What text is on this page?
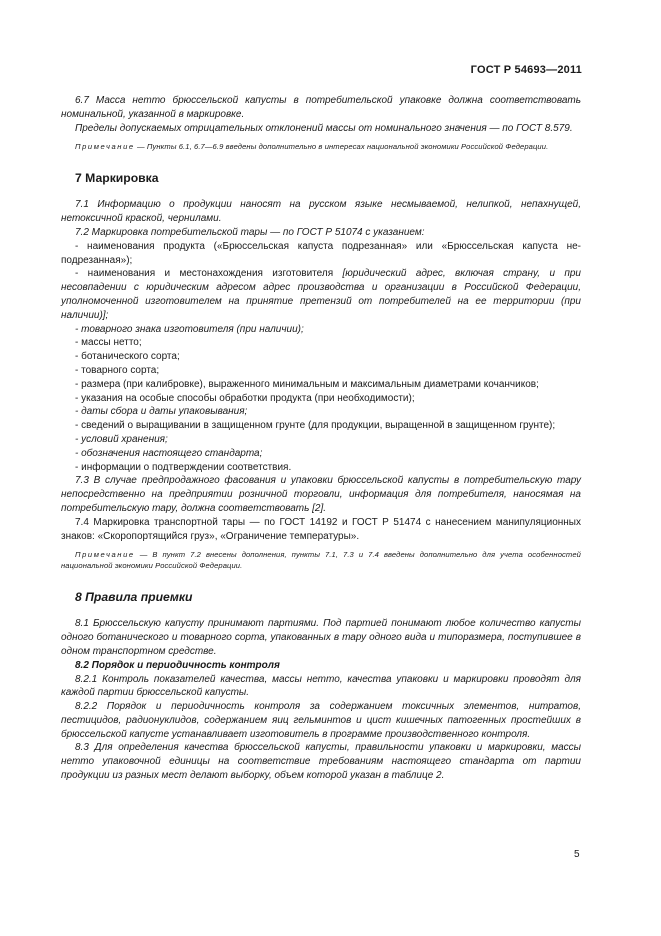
ГОСТ Р 54693—2011

6.7 Масса нетто брюссельской капусты в потребительской упаковке должна соответствовать номинальной, указанной в маркировке.

Пределы допускаемых отрицательных отклонений массы от номинального значения — по ГОСТ 8.579.

Примечание — Пункты 6.1, 6.7—6.9 введены дополнительно в интересах национальной экономики Российской Федерации.

7 Маркировка

7.1 Информацию о продукции наносят на русском языке несмываемой, нелипкой, непахнущей, нетоксичной краской, чернилами.

7.2 Маркировка потребительской тары — по ГОСТ Р 51074 с указанием:

- наименования продукта («Брюссельская капуста подрезанная» или «Брюссельская капуста неподрезанная»);

- наименования и местонахождения изготовителя [юридический адрес, включая страну, и при несовпадении с юридическим адресом адрес производства и организации в Российской Федерации, уполномоченной изготовителем на принятие претензий от потребителей на ее территории (при наличии)];

- товарного знака изготовителя (при наличии);

- массы нетто;

- ботанического сорта;

- товарного сорта;

- размера (при калибровке), выраженного минимальным и максимальным диаметрами кочанчиков;

- указания на особые способы обработки продукта (при необходимости);

- даты сбора и даты упаковывания;

- сведений о выращивании в защищенном грунте (для продукции, выращенной в защищенном грунте);

- условий хранения;

- обозначения настоящего стандарта;

- информации о подтверждении соответствия.

7.3 В случае предпродажного фасования и упаковки брюссельской капусты в потребительскую тару непосредственно на предприятии розничной торговли, информация для потребителя, наносямая на потребительскую тару, должна соответствовать [2].

7.4 Маркировка транспортной тары — по ГОСТ 14192 и ГОСТ Р 51474 с нанесением манипуляционных знаков: «Скоропортящийся груз», «Ограничение температуры».

Примечание — В пункт 7.2 внесены дополнения, пункты 7.1, 7.3 и 7.4 введены дополнительно для учета особенностей национальной экономики Российской Федерации.

8 Правила приемки

8.1 Брюссельскую капусту принимают партиями. Под партией понимают любое количество капусты одного ботанического и товарного сорта, упакованных в тару одного вида и типоразмера, поступившее в одном транспортном средстве.

8.2 Порядок и периодичность контроля

8.2.1 Контроль показателей качества, массы нетто, качества упаковки и маркировки проводят для каждой партии брюссельской капусты.

8.2.2 Порядок и периодичность контроля за содержанием токсичных элементов, нитратов, пестицидов, радионуклидов, содержанием яиц гельминтов и цист кишечных патогенных простейших в брюссельской капусте устанавливает изготовитель в программе производственного контроля.

8.3 Для определения качества брюссельской капусты, правильности упаковки и маркировки, массы нетто упаковочной единицы на соответствие требованиям настоящего стандарта от партии продукции из разных мест делают выборку, объем которой указан в таблице 2.

5
